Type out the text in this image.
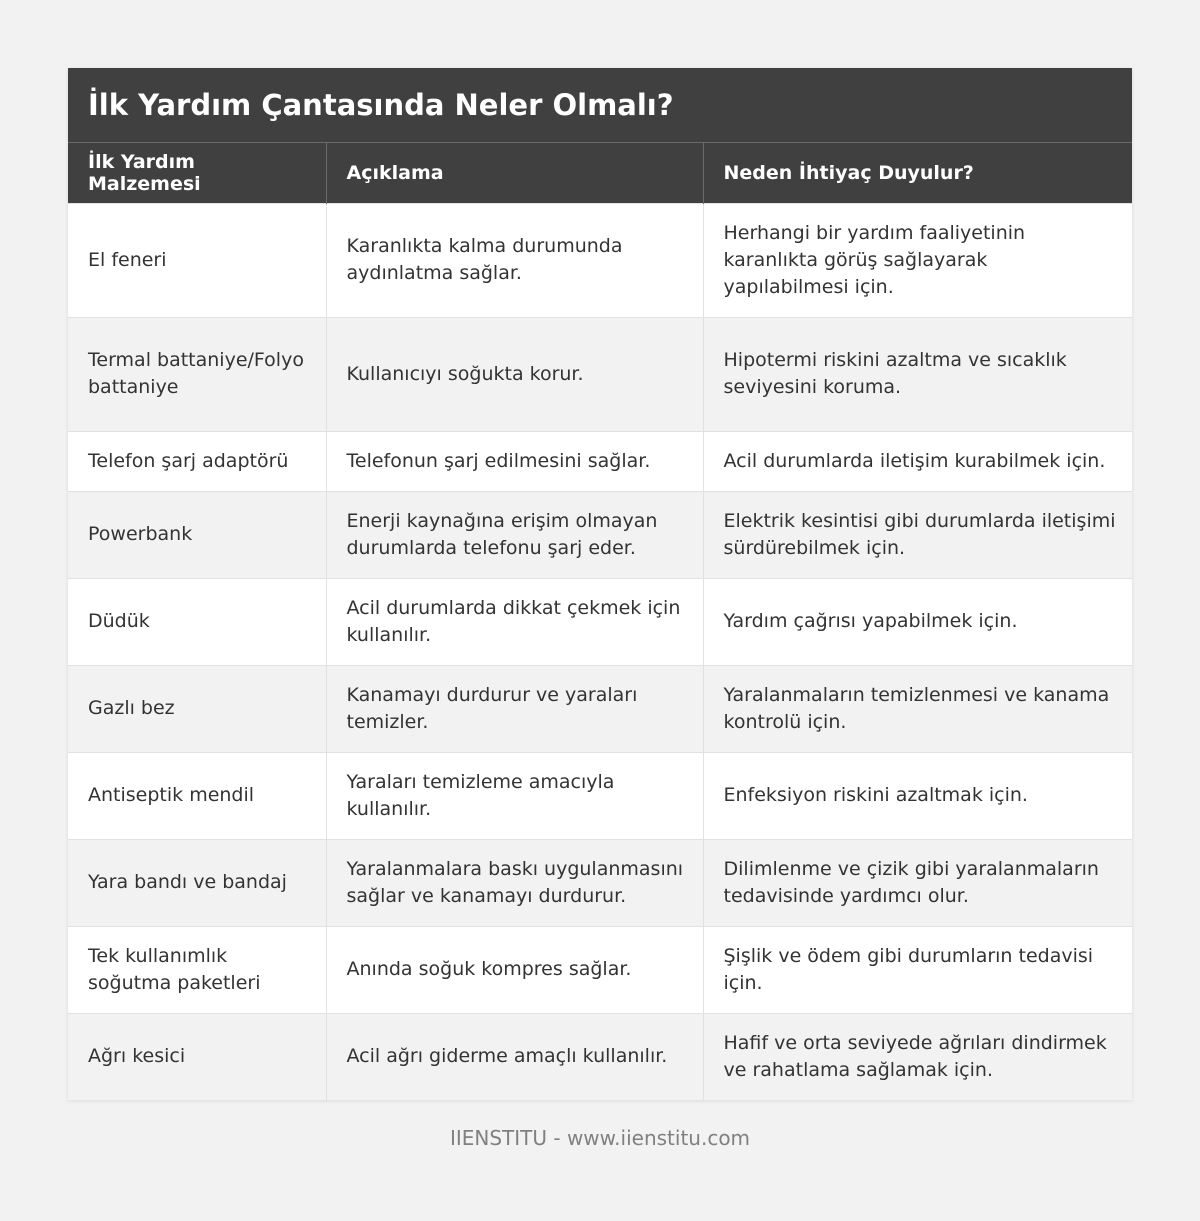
İlk Yardım Çantasında Neler Olmalı?
İlk Yardım Malzemesi	Açıklama	Neden İhtiyaç Duyulur?
El feneri	Karanlıkta kalma durumunda aydınlatma sağlar.	Herhangi bir yardım faaliyetinin karanlıkta görüş sağlayarak yapılabilmesi için.
Termal battaniye/Folyo battaniye	Kullanıcıyı soğukta korur.	Hipotermi riskini azaltma ve sıcaklık seviyesini koruma.
Telefon şarj adaptörü	Telefonun şarj edilmesini sağlar.	Acil durumlarda iletişim kurabilmek için.
Powerbank	Enerji kaynağına erişim olmayan durumlarda telefonu şarj eder.	Elektrik kesintisi gibi durumlarda iletişimi sürdürebilmek için.
Düdük	Acil durumlarda dikkat çekmek için kullanılır.	Yardım çağrısı yapabilmek için.
Gazlı bez	Kanamayı durdurur ve yaraları temizler.	Yaralanmaların temizlenmesi ve kanama kontrolü için.
Antiseptik mendil	Yaraları temizleme amacıyla kullanılır.	Enfeksiyon riskini azaltmak için.
Yara bandı ve bandaj	Yaralanmalara baskı uygulanmasını sağlar ve kanamayı durdurur.	Dilimlenme ve çizik gibi yaralanmaların tedavisinde yardımcı olur.
Tek kullanımlık soğutma paketleri	Anında soğuk kompres sağlar.	Şişlik ve ödem gibi durumların tedavisi için.
Ağrı kesici	Acil ağrı giderme amaçlı kullanılır.	Hafif ve orta seviyede ağrıları dindirmek ve rahatlama sağlamak için.
IIENSTITU - www.iienstitu.com
